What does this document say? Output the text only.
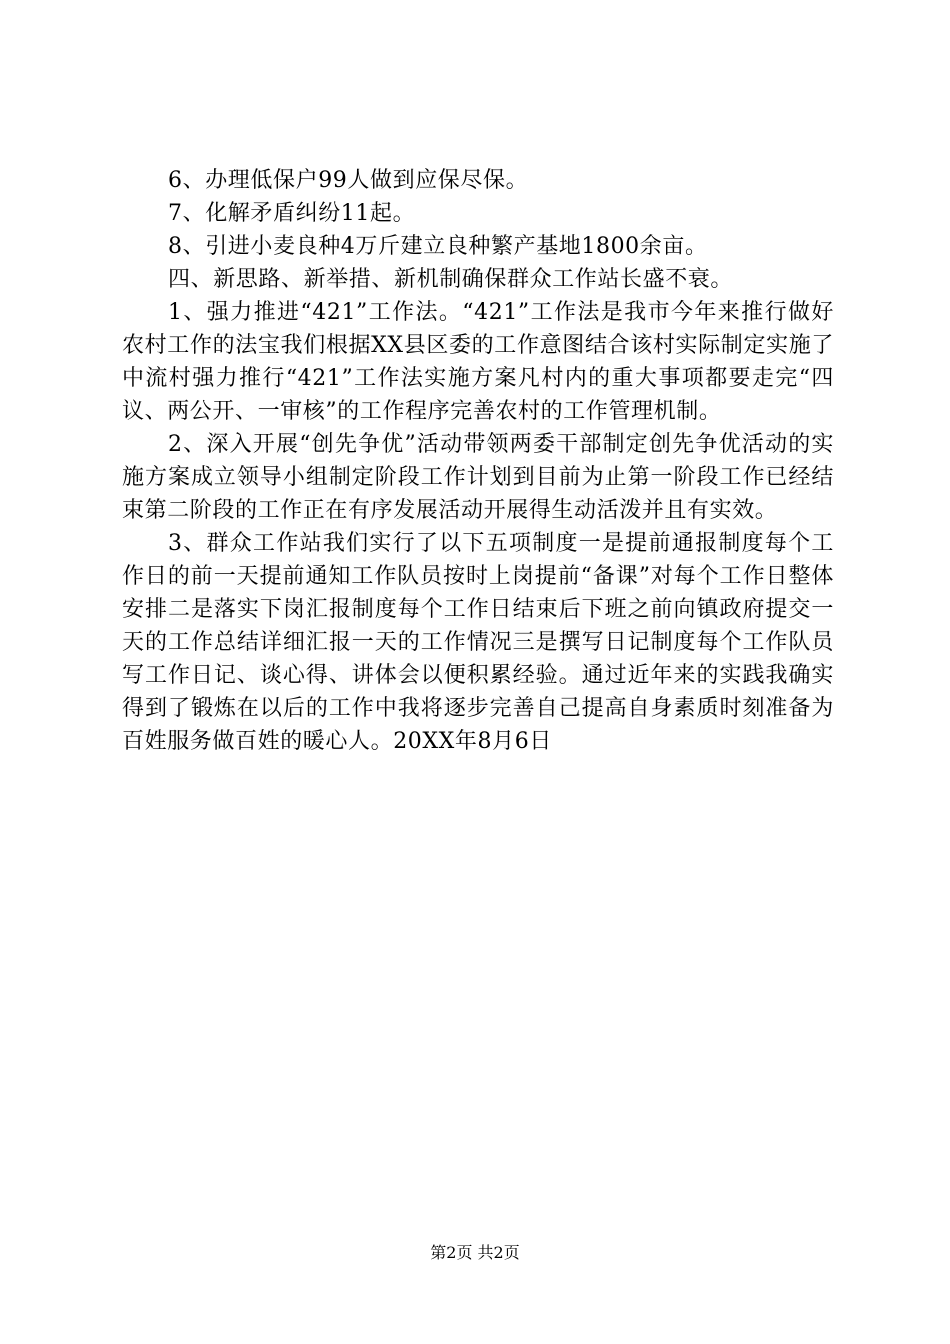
6、办理低保户99人做到应保尽保。

7、化解矛盾纠纷11起。

8、引进小麦良种4万斤建立良种繁产基地1800余亩。

四、新思路、新举措、新机制确保群众工作站长盛不衰。

1、强力推进“421”工作法。“421”工作法是我市今年来推行做好农村工作的法宝我们根据XX县区委的工作意图结合该村实际制定实施了中流村强力推行“421”工作法实施方案凡村内的重大事项都要走完“四议、两公开、一审核”的工作程序完善农村的工作管理机制。

2、深入开展“创先争优”活动带领两委干部制定创先争优活动的实施方案成立领导小组制定阶段工作计划到目前为止第一阶段工作已经结束第二阶段的工作正在有序发展活动开展得生动活泼并且有实效。

3、群众工作站我们实行了以下五项制度一是提前通报制度每个工作日的前一天提前通知工作队员按时上岗提前“备课”对每个工作日整体安排二是落实下岗汇报制度每个工作日结束后下班之前向镇政府提交一天的工作总结详细汇报一天的工作情况三是撰写日记制度每个工作队员写工作日记、谈心得、讲体会以便积累经验。通过近年来的实践我确实得到了锻炼在以后的工作中我将逐步完善自己提高自身素质时刻准备为百姓服务做百姓的暖心人。20XX年8月6日

第2页 共2页
